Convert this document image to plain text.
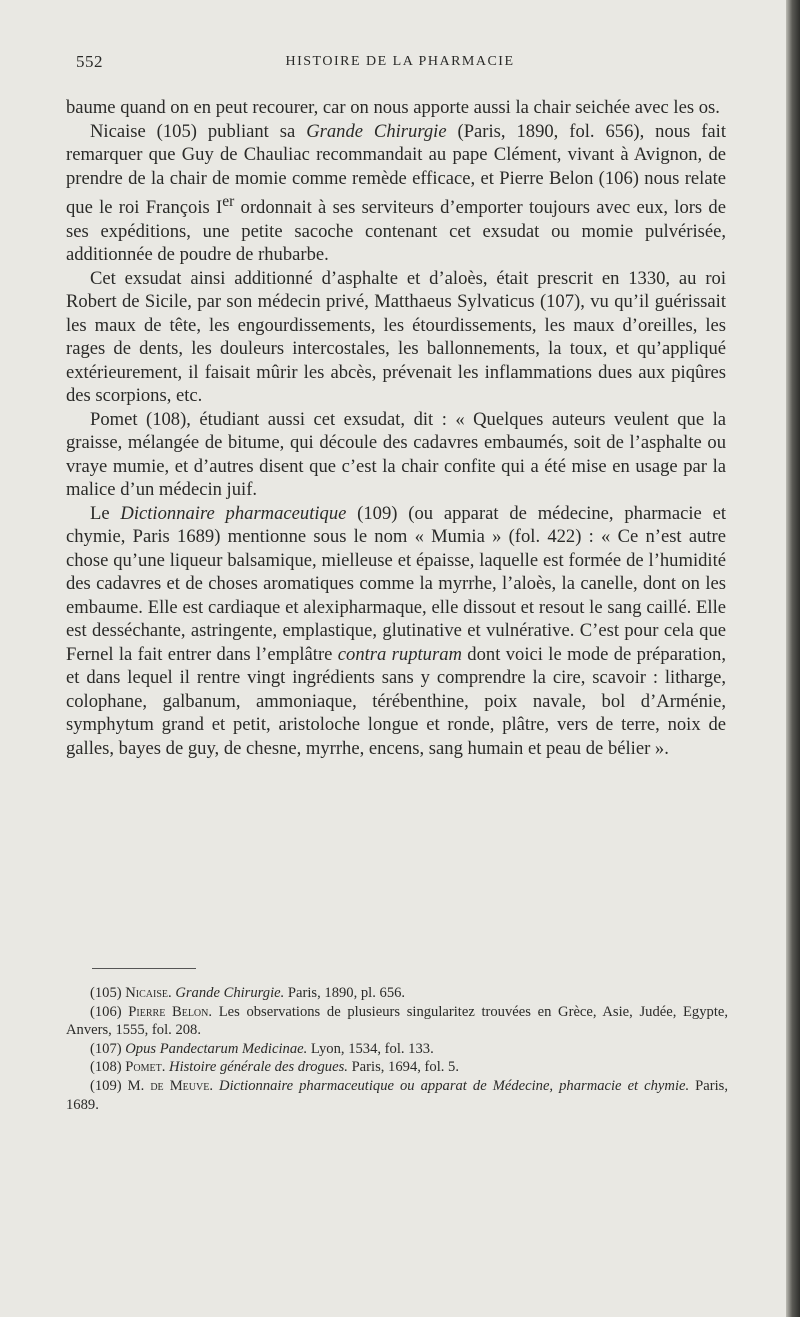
552	HISTOIRE DE LA PHARMACIE

baume quand on en peut recourer, car on nous apporte aussi la chair seichée avec les os.

Nicaise (105) publiant sa Grande Chirurgie (Paris, 1890, fol. 656), nous fait remarquer que Guy de Chauliac recommandait au pape Clément, vivant à Avignon, de prendre de la chair de momie comme remède efficace, et Pierre Belon (106) nous relate que le roi François Ier ordonnait à ses serviteurs d’emporter toujours avec eux, lors de ses expéditions, une petite sacoche contenant cet exsudat ou momie pulvérisée, additionnée de poudre de rhubarbe.

Cet exsudat ainsi additionné d’asphalte et d’aloès, était prescrit en 1330, au roi Robert de Sicile, par son médecin privé, Matthaeus Sylvaticus (107), vu qu’il guérissait les maux de tête, les engourdissements, les étourdissements, les maux d’oreilles, les rages de dents, les douleurs intercostales, les ballonnements, la toux, et qu’appliqué extérieurement, il faisait mûrir les abcès, prévenait les inflammations dues aux piqûres des scorpions, etc.

Pomet (108), étudiant aussi cet exsudat, dit : « Quelques auteurs veulent que la graisse, mélangée de bitume, qui découle des cadavres embaumés, soit de l’asphalte ou vraye mumie, et d’autres disent que c’est la chair confite qui a été mise en usage par la malice d’un médecin juif.

Le Dictionnaire pharmaceutique (109) (ou apparat de médecine, pharmacie et chymie, Paris 1689) mentionne sous le nom « Mumia » (fol. 422) : « Ce n’est autre chose qu’une liqueur balsamique, mielleuse et épaisse, laquelle est formée de l’humidité des cadavres et de choses aromatiques comme la myrrhe, l’aloès, la canelle, dont on les embaume. Elle est cardiaque et alexipharmaque, elle dissout et resout le sang caillé. Elle est desséchante, astringente, emplastique, glutinative et vulnérative. C’est pour cela que Fernel la fait entrer dans l’emplâtre contra rupturam dont voici le mode de préparation, et dans lequel il rentre vingt ingrédients sans y comprendre la cire, scavoir : litharge, colophane, galbanum, ammoniaque, térébenthine, poix navale, bol d’Arménie, symphytum grand et petit, aristoloche longue et ronde, plâtre, vers de terre, noix de galles, bayes de guy, de chesne, myrrhe, encens, sang humain et peau de bélier ».

(105) Nicaise. Grande Chirurgie. Paris, 1890, pl. 656.

(106) Pierre Belon. Les observations de plusieurs singularitez trouvées en Grèce, Asie, Judée, Egypte, Anvers, 1555, fol. 208.

(107) Opus Pandectarum Medicinae. Lyon, 1534, fol. 133.

(108) Pomet. Histoire générale des drogues. Paris, 1694, fol. 5.

(109) M. de Meuve. Dictionnaire pharmaceutique ou apparat de Médecine, pharmacie et chymie. Paris, 1689.
